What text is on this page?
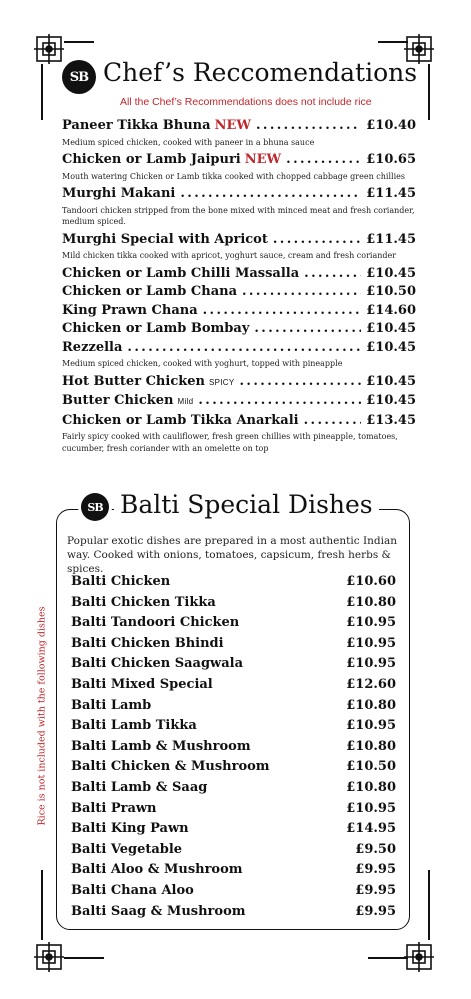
SB Chef’s Reccomendations
All the Chef’s Recommendations does not include rice
Paneer Tikka Bhuna NEW .....	£10.40
Medium spiced chicken, cooked with paneer in a bhuna sauce
Chicken or Lamb Jaipuri NEW .....	£10.65
Mouth watering Chicken or Lamb tikka cooked with chopped cabbage green chillies
Murghi Makani .....	£11.45
Tandoori chicken stripped from the bone mixed with minced meat and fresh coriander, medium spiced.
Murghi Special with Apricot .....	£11.45
Mild chicken tikka cooked with apricot, yoghurt sauce, cream and fresh coriander
Chicken or Lamb Chilli Massalla .....	£10.45
Chicken or Lamb Chana .....	£10.50
King Prawn Chana .....	£14.60
Chicken or Lamb Bombay .....	£10.45
Rezzella .....	£10.45
Medium spiced chicken, cooked with yoghurt, topped with pineapple
Hot Butter Chicken SPICY .....	£10.45
Butter Chicken Mild .....	£10.45
Chicken or Lamb Tikka Anarkali .....	£13.45
Fairly spicy cooked with cauliflower, fresh green chillies with pineapple, tomatoes, cucumber, fresh coriander with an omelette on top
SB Balti Special Dishes
Popular exotic dishes are prepared in a most authentic Indian way. Cooked with onions, tomatoes, capsicum, fresh herbs & spices.
Balti Chicken	£10.60
Balti Chicken Tikka	£10.80
Balti Tandoori Chicken	£10.95
Balti Chicken Bhindi	£10.95
Balti Chicken Saagwala	£10.95
Balti Mixed Special	£12.60
Balti Lamb	£10.80
Balti Lamb Tikka	£10.95
Balti Lamb & Mushroom	£10.80
Balti Chicken & Mushroom	£10.50
Balti Lamb & Saag	£10.80
Balti Prawn	£10.95
Balti King Pawn	£14.95
Balti Vegetable	£9.50
Balti Aloo & Mushroom	£9.95
Balti Chana Aloo	£9.95
Balti Saag & Mushroom	£9.95
Rice is not included with the following dishes
